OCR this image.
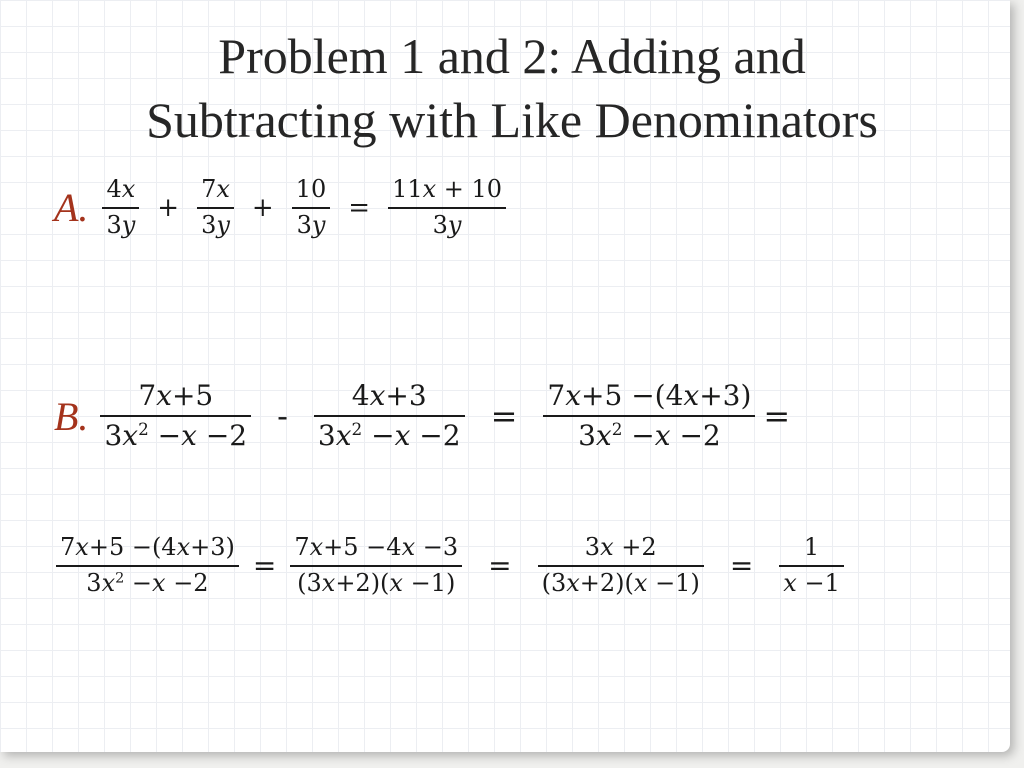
Problem 1 and 2: Adding and
Subtracting with Like Denominators
A. $\frac{4x}{3y} + \frac{7x}{3y} + \frac{10}{3y} = \frac{11x + 10}{3y}$
B. $\frac{7x+5}{3x^2 -x -2} - \frac{4x+3}{3x^2 -x -2} = \frac{7x+5 -(4x+3)}{3x^2 -x -2}$ =
$\frac{7x+5 -(4x+3)}{3x^2 -x -2} = \frac{7x+5 -4x -3}{(3x+2)(x -1)} = \frac{3x +2}{(3x+2)(x -1)} = \frac{1}{x -1}$
